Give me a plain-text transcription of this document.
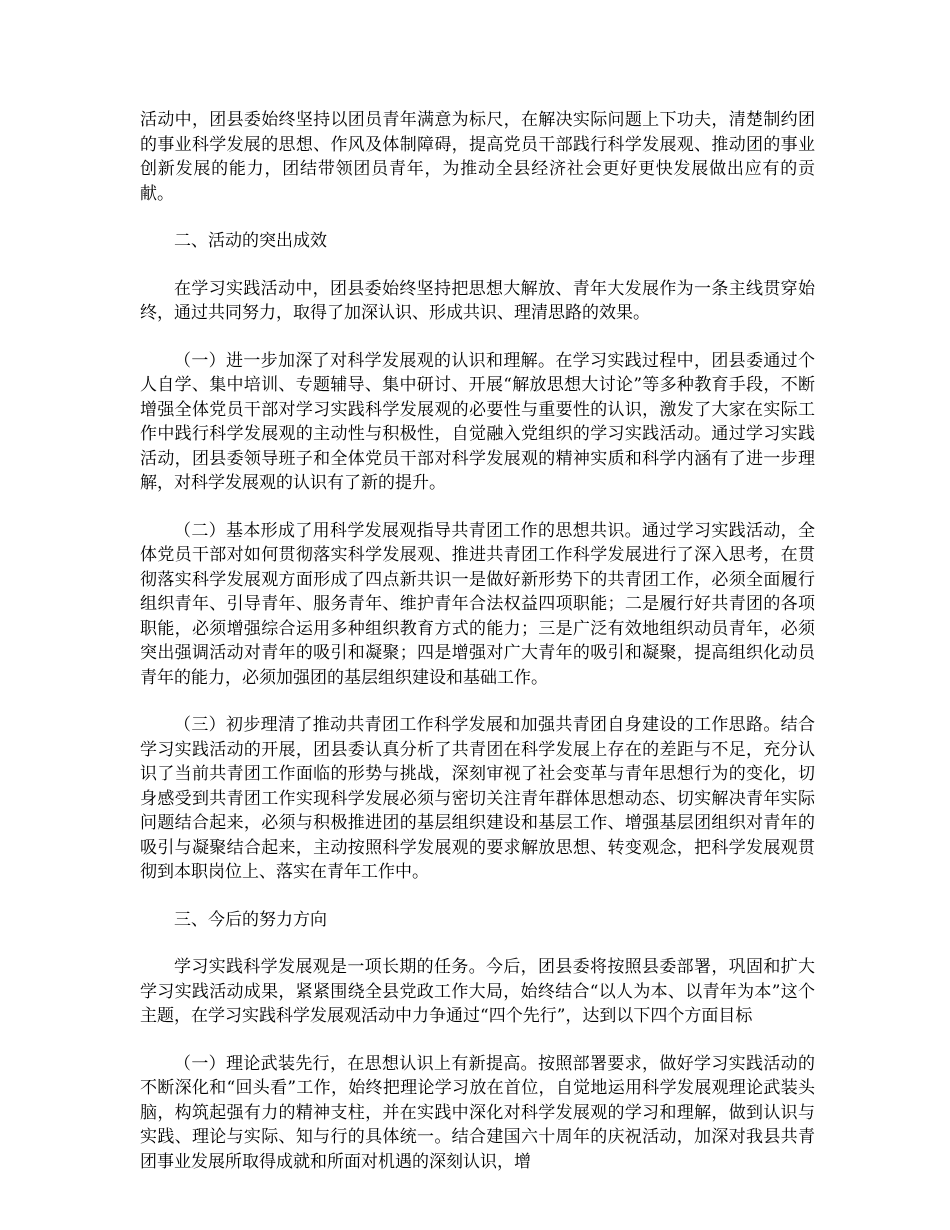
活动中，团县委始终坚持以团员青年满意为标尺，在解决实际问题上下功夫，清楚制约团的事业科学发展的思想、作风及体制障碍，提高党员干部践行科学发展观、推动团的事业创新发展的能力，团结带领团员青年，为推动全县经济社会更好更快发展做出应有的贡献。

二、活动的突出成效

在学习实践活动中，团县委始终坚持把思想大解放、青年大发展作为一条主线贯穿始终，通过共同努力，取得了加深认识、形成共识、理清思路的效果。

（一）进一步加深了对科学发展观的认识和理解。在学习实践过程中，团县委通过个人自学、集中培训、专题辅导、集中研讨、开展“解放思想大讨论”等多种教育手段，不断增强全体党员干部对学习实践科学发展观的必要性与重要性的认识，激发了大家在实际工作中践行科学发展观的主动性与积极性，自觉融入党组织的学习实践活动。通过学习实践活动，团县委领导班子和全体党员干部对科学发展观的精神实质和科学内涵有了进一步理解，对科学发展观的认识有了新的提升。

（二）基本形成了用科学发展观指导共青团工作的思想共识。通过学习实践活动，全体党员干部对如何贯彻落实科学发展观、推进共青团工作科学发展进行了深入思考，在贯彻落实科学发展观方面形成了四点新共识一是做好新形势下的共青团工作，必须全面履行组织青年、引导青年、服务青年、维护青年合法权益四项职能；二是履行好共青团的各项职能，必须增强综合运用多种组织教育方式的能力；三是广泛有效地组织动员青年，必须突出强调活动对青年的吸引和凝聚；四是增强对广大青年的吸引和凝聚，提高组织化动员青年的能力，必须加强团的基层组织建设和基础工作。

（三）初步理清了推动共青团工作科学发展和加强共青团自身建设的工作思路。结合学习实践活动的开展，团县委认真分析了共青团在科学发展上存在的差距与不足，充分认识了当前共青团工作面临的形势与挑战，深刻审视了社会变革与青年思想行为的变化，切身感受到共青团工作实现科学发展必须与密切关注青年群体思想动态、切实解决青年实际问题结合起来，必须与积极推进团的基层组织建设和基层工作、增强基层团组织对青年的吸引与凝聚结合起来，主动按照科学发展观的要求解放思想、转变观念，把科学发展观贯彻到本职岗位上、落实在青年工作中。

三、今后的努力方向

学习实践科学发展观是一项长期的任务。今后，团县委将按照县委部署，巩固和扩大学习实践活动成果，紧紧围绕全县党政工作大局，始终结合“以人为本、以青年为本”这个主题，在学习实践科学发展观活动中力争通过“四个先行”，达到以下四个方面目标

（一）理论武装先行，在思想认识上有新提高。按照部署要求，做好学习实践活动的不断深化和“回头看”工作，始终把理论学习放在首位，自觉地运用科学发展观理论武装头脑，构筑起强有力的精神支柱，并在实践中深化对科学发展观的学习和理解，做到认识与实践、理论与实际、知与行的具体统一。结合建国六十周年的庆祝活动，加深对我县共青团事业发展所取得成就和所面对机遇的深刻认识，增
